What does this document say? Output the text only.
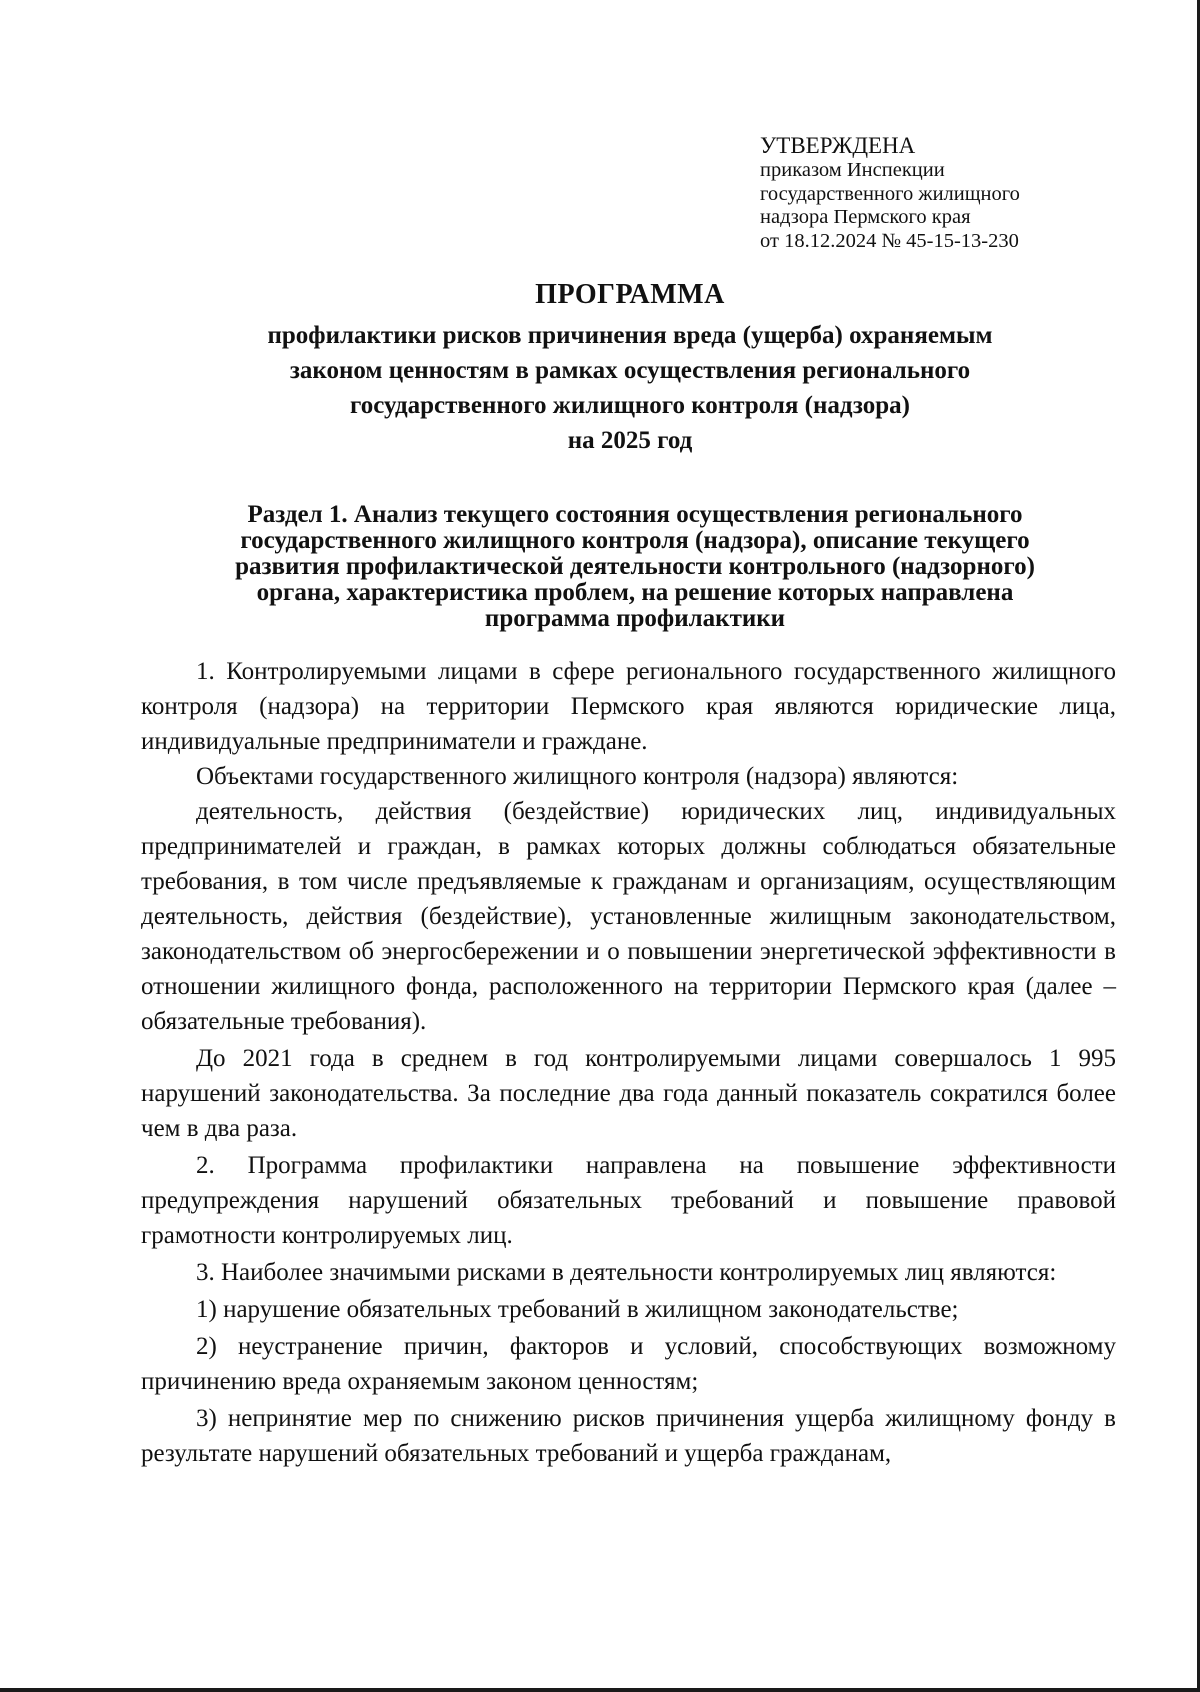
УТВЕРЖДЕНА
приказом Инспекции
государственного жилищного
надзора Пермского края
от 18.12.2024 № 45-15-13-230
ПРОГРАММА
профилактики рисков причинения вреда (ущерба) охраняемым
законом ценностям в рамках осуществления регионального
государственного жилищного контроля (надзора)
на 2025 год
Раздел 1. Анализ текущего состояния осуществления регионального
государственного жилищного контроля (надзора), описание текущего
развития профилактической деятельности контрольного (надзорного)
органа, характеристика проблем, на решение которых направлена
программа профилактики

1. Контролируемыми лицами в сфере регионального государственного жилищного контроля (надзора) на территории Пермского края являются юридические лица, индивидуальные предприниматели и граждане.

Объектами государственного жилищного контроля (надзора) являются:

деятельность, действия (бездействие) юридических лиц, индивидуальных предпринимателей и граждан, в рамках которых должны соблюдаться обязательные требования, в том числе предъявляемые к гражданам и организациям, осуществляющим деятельность, действия (бездействие), установленные жилищным законодательством, законодательством об энергосбережении и о повышении энергетической эффективности в отношении жилищного фонда, расположенного на территории Пермского края (далее – обязательные требования).

До 2021 года в среднем в год контролируемыми лицами совершалось 1 995 нарушений законодательства. За последние два года данный показатель сократился более чем в два раза.

2. Программа профилактики направлена на повышение эффективности предупреждения нарушений обязательных требований и повышение правовой грамотности контролируемых лиц.

3. Наиболее значимыми рисками в деятельности контролируемых лиц являются:

1) нарушение обязательных требований в жилищном законодательстве;

2) неустранение причин, факторов и условий, способствующих возможному причинению вреда охраняемым законом ценностям;

3) непринятие мер по снижению рисков причинения ущерба жилищному фонду в результате нарушений обязательных требований и ущерба гражданам,
